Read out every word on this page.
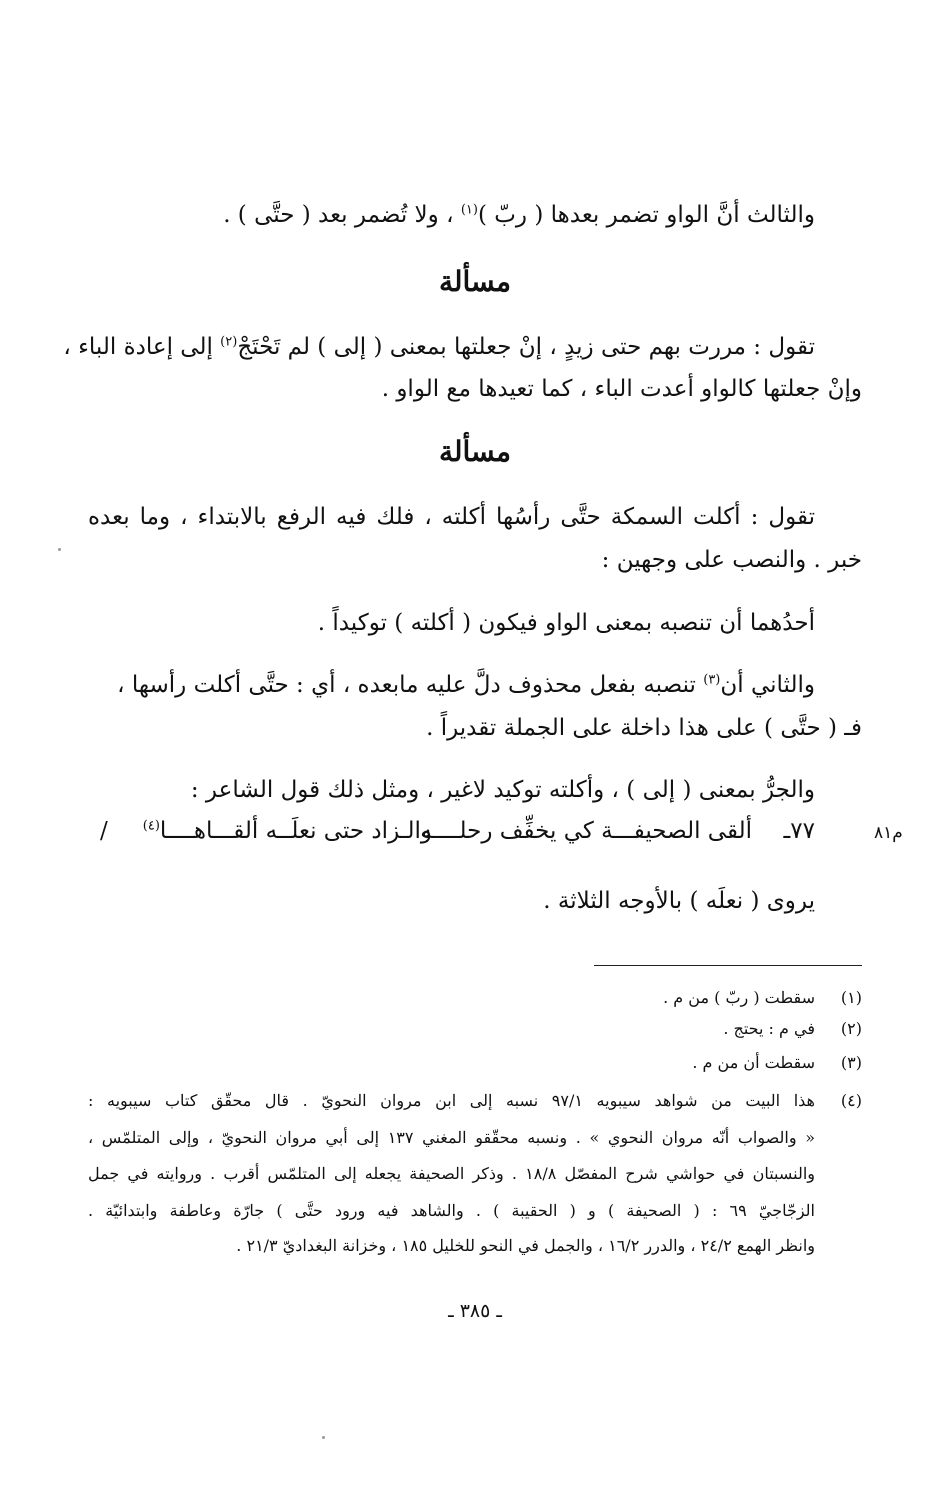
والثالث أنَّ الواو تضمر بعدها ( ربّ )$^{(١)}$ ، ولا تُضمر بعد ( حتَّى ) .
مسألة
تقول : مررت بهم حتى زيدٍ ، إنْ جعلتها بمعنى ( إلى ) لم تَحْتَجْ$^{(٢)}$ إلى إعادة الباء ،
وإنْ جعلتها كالواو أعدت الباء ، كما تعيدها مع الواو .
مسألة
تقول : أكلت السمكة حتَّى رأسُها أكلته ، فلك فيه الرفع بالابتداء ، وما بعده
خبر . والنصب على وجهين :
أحدُهما أن تنصبه بمعنى الواو فيكون ( أكلته ) توكيداً .
والثاني أن$^{(٣)}$ تنصبه بفعل محذوف دلَّ عليه مابعده ، أي : حتَّى أكلت رأسها ،
فـ ( حتَّى ) على هذا داخلة على الجملة تقديراً .
والجرُّ بمعنى ( إلى ) ، وأكلته توكيد لاغير ، ومثل ذلك قول الشاعر :
٧٧ـ
ألقى الصحيفـــة كي يخفِّف رحلــــه
والـزاد حتى نعلَــه ألقـــاهــــا$^{(٤)}$
/	م٨١
يروى ( نعلَه ) بالأوجه الثلاثة .
(١)
سقطت ( ربّ ) من م .
(٢)
في م : يحتج .
(٣)
سقطت أن من م .
(٤)
هذا البيت من شواهد سيبويه ٩٧/١ نسبه إلى ابن مروان النحويّ . قال محقّق كتاب سيبويه :
« والصواب أنّه مروان النحوي » . ونسبه محقّقو المغني ١٣٧ إلى أبي مروان النحويّ ، وإلى المتلمّس ،
والنسبتان في حواشي شرح المفصّل ١٨/٨ . وذكر الصحيفة يجعله إلى المتلمّس أقرب . وروايته في جمل
الزجّاجيّ ٦٩ : ( الصحيفة ) و ( الحقيبة ) . والشاهد فيه ورود حتَّى ) جارّة وعاطفة وابتدائيّة .
وانظر الهمع ٢٤/٢ ، والدرر ١٦/٢ ، والجمل في النحو للخليل ١٨٥ ، وخزانة البغداديّ ٢١/٣ .
ـ ٣٨٥ ـ
